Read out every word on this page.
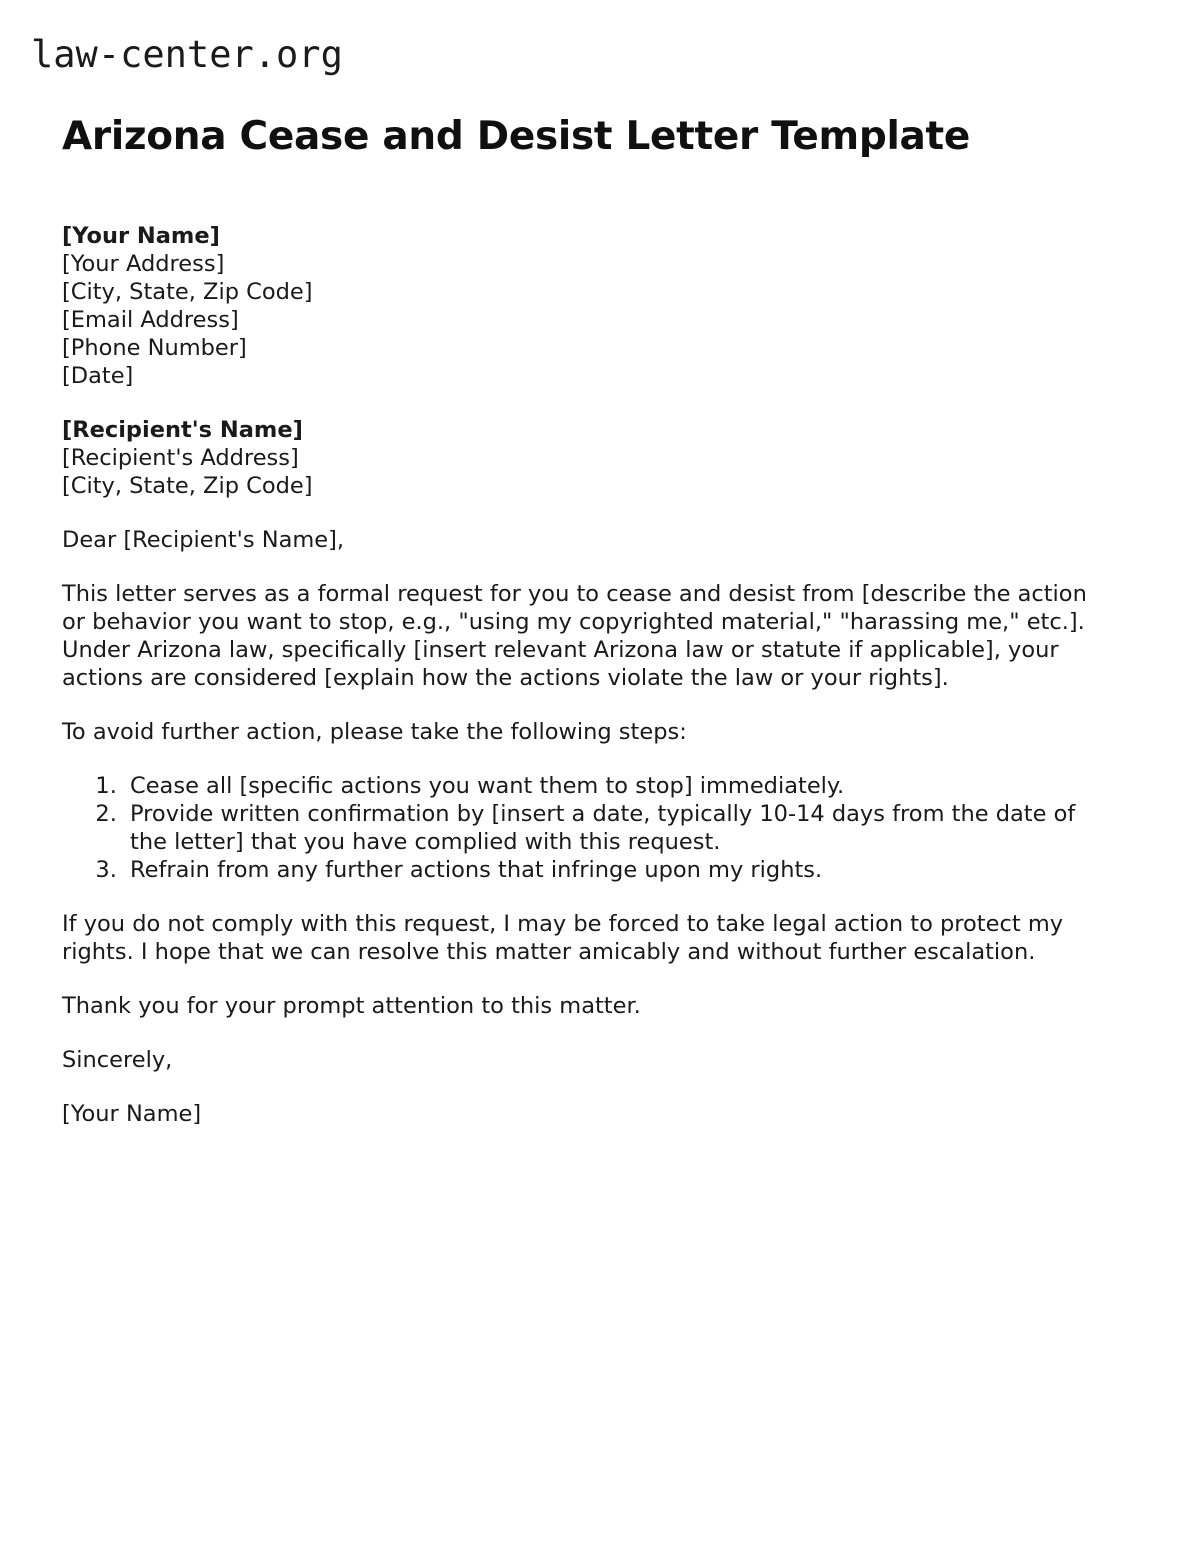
law-center.org
Arizona Cease and Desist Letter Template
[Your Name]
[Your Address]
[City, State, Zip Code]
[Email Address]
[Phone Number]
[Date]
[Recipient's Name]
[Recipient's Address]
[City, State, Zip Code]

Dear [Recipient's Name],

This letter serves as a formal request for you to cease and desist from [describe the action or behavior you want to stop, e.g., "using my copyrighted material," "harassing me," etc.]. Under Arizona law, specifically [insert relevant Arizona law or statute if applicable], your actions are considered [explain how the actions violate the law or your rights].

To avoid further action, please take the following steps:

1. Cease all [specific actions you want them to stop] immediately.
2. Provide written confirmation by [insert a date, typically 10-14 days from the date of the letter] that you have complied with this request.
3. Refrain from any further actions that infringe upon my rights.

If you do not comply with this request, I may be forced to take legal action to protect my rights. I hope that we can resolve this matter amicably and without further escalation.

Thank you for your prompt attention to this matter.

Sincerely,

[Your Name]
